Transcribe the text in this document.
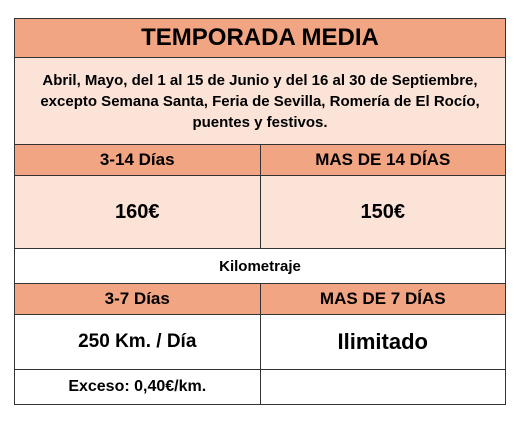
TEMPORADA MEDIA	
Abril, Mayo, del 1 al 15 de Junio y del 16 al 30 de Septiembre, excepto Semana Santa, Feria de Sevilla, Romería de El Rocío, puentes y festivos.	
3-14 Días	MAS DE 14 DÍAS
160€	150€
Kilometraje	
3-7 Días	MAS DE 7 DÍAS
250 Km. / Día	Ilimitado
Exceso: 0,40€/km.	
